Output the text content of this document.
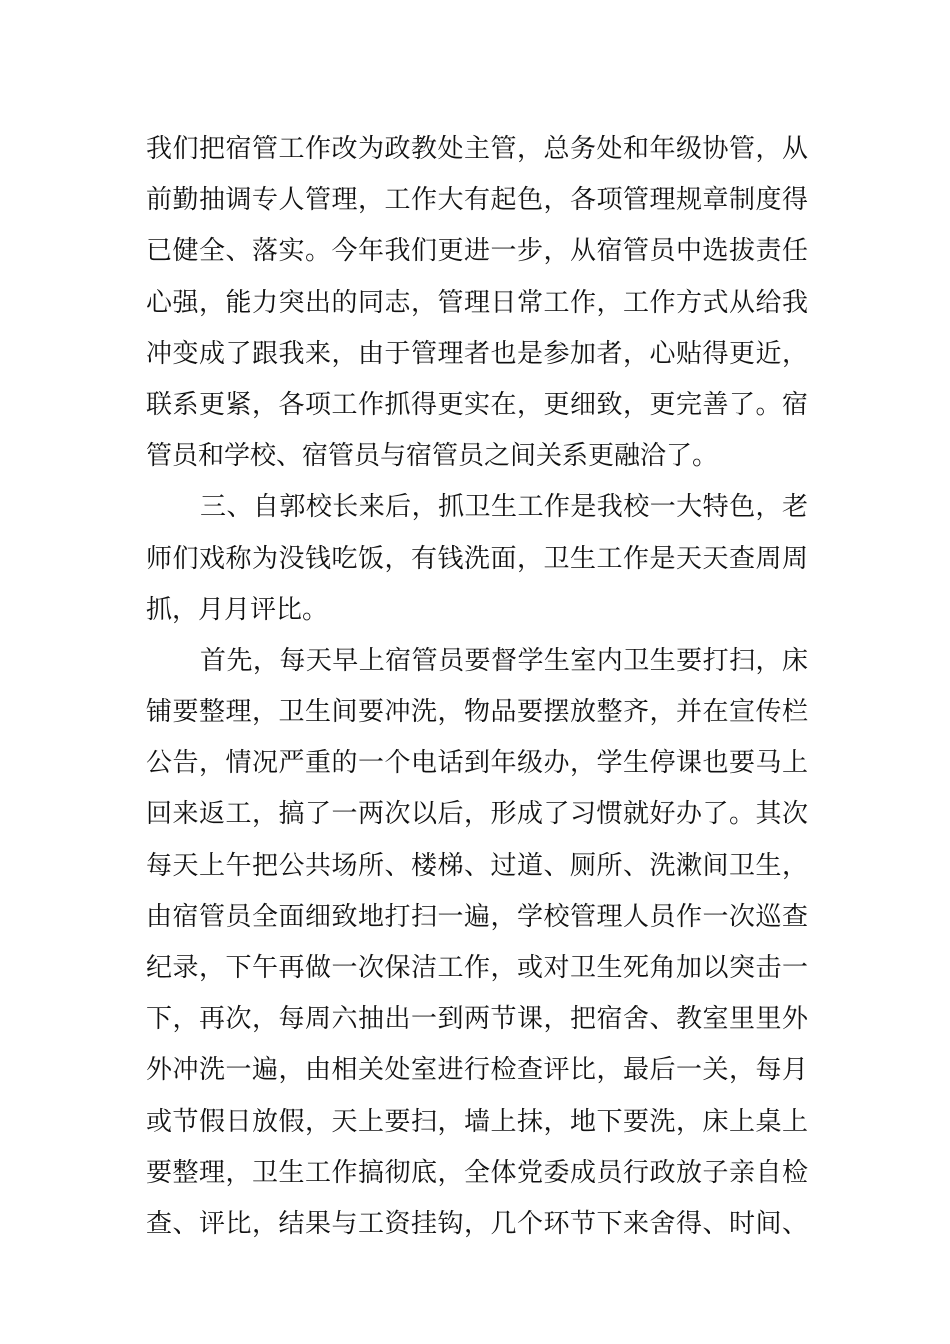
我们把宿管工作改为政教处主管，总务处和年级协管，从
前勤抽调专人管理，工作大有起色，各项管理规章制度得
已健全、落实。今年我们更进一步，从宿管员中选拔责任
心强，能力突出的同志，管理日常工作，工作方式从给我
冲变成了跟我来，由于管理者也是参加者，心贴得更近，
联系更紧，各项工作抓得更实在，更细致，更完善了。宿
管员和学校、宿管员与宿管员之间关系更融洽了。
三、自郭校长来后，抓卫生工作是我校一大特色，老
师们戏称为没钱吃饭，有钱洗面，卫生工作是天天查周周
抓，月月评比。
首先，每天早上宿管员要督学生室内卫生要打扫，床
铺要整理，卫生间要冲洗，物品要摆放整齐，并在宣传栏
公告，情况严重的一个电话到年级办，学生停课也要马上
回来返工，搞了一两次以后，形成了习惯就好办了。其次
每天上午把公共场所、楼梯、过道、厕所、洗漱间卫生，
由宿管员全面细致地打扫一遍，学校管理人员作一次巡查
纪录，下午再做一次保洁工作，或对卫生死角加以突击一
下，再次，每周六抽出一到两节课，把宿舍、教室里里外
外冲洗一遍，由相关处室进行检查评比，最后一关，每月
或节假日放假，天上要扫，墙上抹，地下要洗，床上桌上
要整理，卫生工作搞彻底，全体党委成员行政放子亲自检
查、评比，结果与工资挂钩，几个环节下来舍得、时间、
